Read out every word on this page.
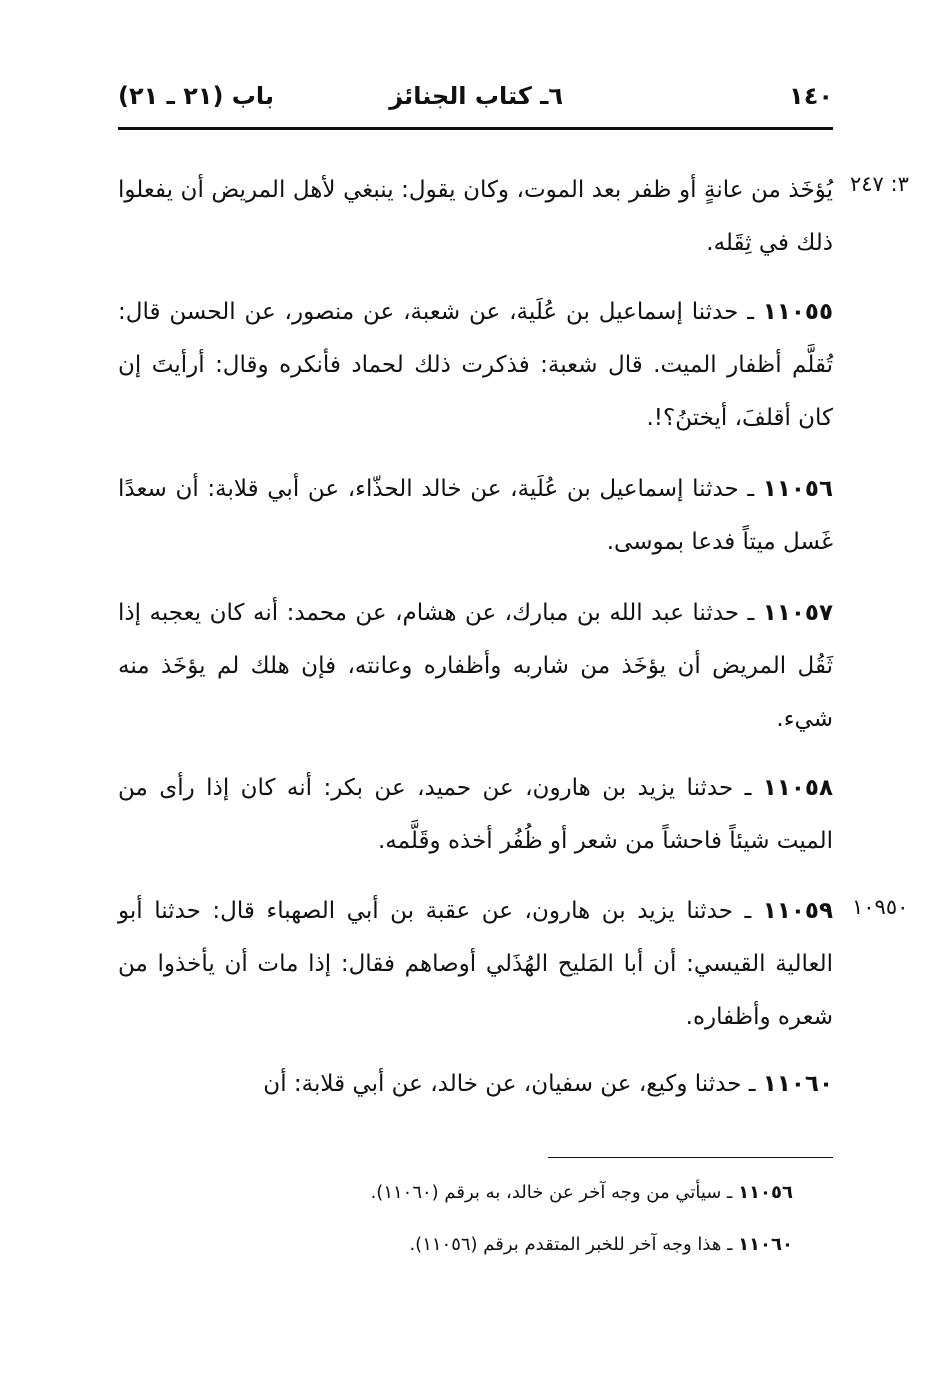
١٤٠
٦ـ كتاب الجنائز
باب (٢١ ـ ٢١)
٣: ٢٤٧
١٠٩٥٠
يُؤخَذ من عانةٍ أو ظفر بعد الموت، وكان يقول: ينبغي لأهل المريض أن يفعلوا ذلك في ثِقَله.
١١٠٥٥ ـ حدثنا إسماعيل بن عُلَية، عن شعبة، عن منصور، عن الحسن قال: تُقلَّم أظفار الميت. قال شعبة: فذكرت ذلك لحماد فأنكره وقال: أرأيتَ إن كان أقلفَ، أيختنُ؟!.
١١٠٥٦ ـ حدثنا إسماعيل بن عُلَية، عن خالد الحذّاء، عن أبي قلابة: أن سعدًا غَسل ميتاً فدعا بموسى.
١١٠٥٧ ـ حدثنا عبد الله بن مبارك، عن هشام، عن محمد: أنه كان يعجبه إذا ثَقُل المريض أن يؤخَذ من شاربه وأظفاره وعانته، فإن هلك لم يؤخَذ منه شيء.
١١٠٥٨ ـ حدثنا يزيد بن هارون، عن حميد، عن بكر: أنه كان إذا رأى من الميت شيئاً فاحشاً من شعر أو ظُفُر أخذه وقَلَّمه.
١١٠٥٩ ـ حدثنا يزيد بن هارون، عن عقبة بن أبي الصهباء قال: حدثنا أبو العالية القيسي: أن أبا المَليح الهُذَلي أوصاهم فقال: إذا مات أن يأخذوا من شعره وأظفاره.
١١٠٦٠ ـ حدثنا وكيع، عن سفيان، عن خالد، عن أبي قلابة: أن
١١٠٥٦ ـ سيأتي من وجه آخر عن خالد، به برقم (١١٠٦٠).
١١٠٦٠ ـ هذا وجه آخر للخبر المتقدم برقم (١١٠٥٦).
